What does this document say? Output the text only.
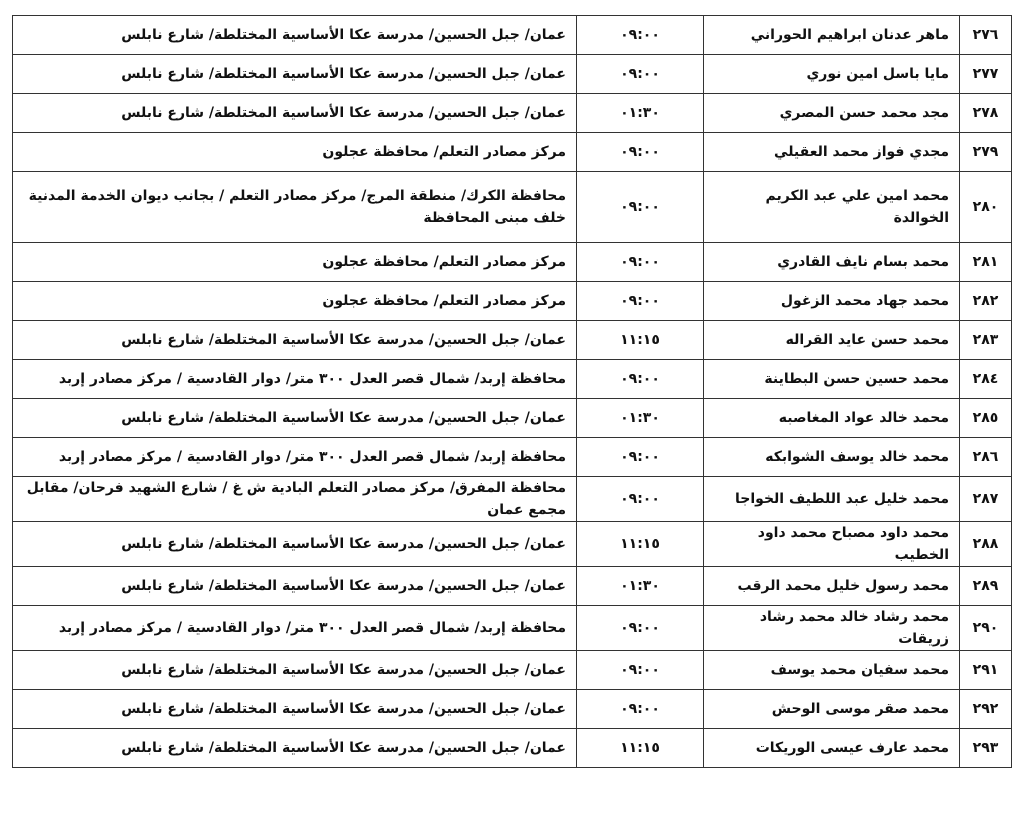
٢٧٦	ماهر عدنان ابراهيم الحوراني	٠٩:٠٠	عمان/ جبل الحسين/ مدرسة عكا الأساسية المختلطة/ شارع نابلس
٢٧٧	مايا باسل امين نوري	٠٩:٠٠	عمان/ جبل الحسين/ مدرسة عكا الأساسية المختلطة/ شارع نابلس
٢٧٨	مجد محمد حسن المصري	٠١:٣٠	عمان/ جبل الحسين/ مدرسة عكا الأساسية المختلطة/ شارع نابلس
٢٧٩	مجدي فواز محمد العقيلي	٠٩:٠٠	مركز مصادر التعلم/ محافظة عجلون
٢٨٠	محمد امين علي عبد الكريم الخوالدة	٠٩:٠٠	محافظة الكرك/ منطقة المرج/ مركز مصادر التعلم / بجانب ديوان الخدمة المدنية خلف مبنى المحافظة
٢٨١	محمد بسام نايف القادري	٠٩:٠٠	مركز مصادر التعلم/ محافظة عجلون
٢٨٢	محمد جهاد محمد الزغول	٠٩:٠٠	مركز مصادر التعلم/ محافظة عجلون
٢٨٣	محمد حسن عايد القراله	١١:١٥	عمان/ جبل الحسين/ مدرسة عكا الأساسية المختلطة/ شارع نابلس
٢٨٤	محمد حسين حسن البطاينة	٠٩:٠٠	محافظة إربد/ شمال قصر العدل ٣٠٠ متر/ دوار القادسية / مركز مصادر إربد
٢٨٥	محمد خالد عواد المغاصبه	٠١:٣٠	عمان/ جبل الحسين/ مدرسة عكا الأساسية المختلطة/ شارع نابلس
٢٨٦	محمد خالد يوسف الشوابكه	٠٩:٠٠	محافظة إربد/ شمال قصر العدل ٣٠٠ متر/ دوار القادسية / مركز مصادر إربد
٢٨٧	محمد خليل عبد اللطيف الخواجا	٠٩:٠٠	محافظة المفرق/ مركز مصادر التعلم البادية ش غ / شارع الشهيد فرحان/ مقابل مجمع عمان
٢٨٨	محمد داود مصباح محمد داود الخطيب	١١:١٥	عمان/ جبل الحسين/ مدرسة عكا الأساسية المختلطة/ شارع نابلس
٢٨٩	محمد رسول خليل محمد الرقب	٠١:٣٠	عمان/ جبل الحسين/ مدرسة عكا الأساسية المختلطة/ شارع نابلس
٢٩٠	محمد رشاد خالد محمد رشاد زريقات	٠٩:٠٠	محافظة إربد/ شمال قصر العدل ٣٠٠ متر/ دوار القادسية / مركز مصادر إربد
٢٩١	محمد سفيان محمد يوسف	٠٩:٠٠	عمان/ جبل الحسين/ مدرسة عكا الأساسية المختلطة/ شارع نابلس
٢٩٢	محمد صقر موسى الوحش	٠٩:٠٠	عمان/ جبل الحسين/ مدرسة عكا الأساسية المختلطة/ شارع نابلس
٢٩٣	محمد عارف عيسى الوريكات	١١:١٥	عمان/ جبل الحسين/ مدرسة عكا الأساسية المختلطة/ شارع نابلس
